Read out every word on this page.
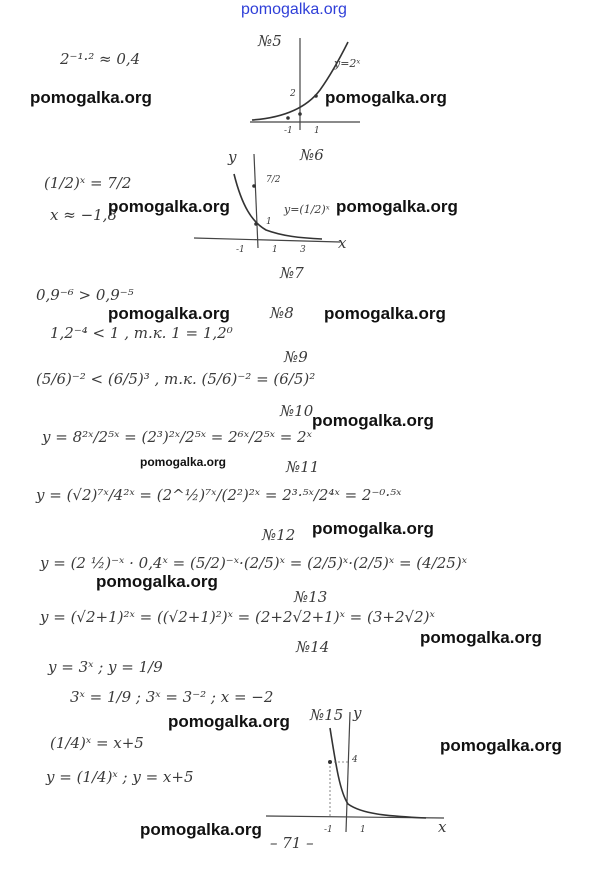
pomogalka.org
2⁻¹·² ≈ 0,4
№5
y=2ˣ
2
-1 1
№6
(1/2)ˣ = 7/2
x ≈ −1,8
y
x
y=(1/2)ˣ
7/2
1
-1	1 3
№7
0,9⁻⁶ > 0,9⁻⁵
№8
1,2⁻⁴ < 1 , т.к. 1 = 1,2⁰
№9
(5/6)⁻² < (6/5)³ , т.к. (5/6)⁻² = (6/5)²
№10
y = 8²ˣ/2⁵ˣ = (2³)²ˣ/2⁵ˣ = 2⁶ˣ/2⁵ˣ = 2ˣ
№11
y = (√2)⁷ˣ/4²ˣ = (2^½)⁷ˣ/(2²)²ˣ = 2³·⁵ˣ/2⁴ˣ = 2⁻⁰·⁵ˣ
№12
y = (2 ½)⁻ˣ · 0,4ˣ = (5/2)⁻ˣ·(2/5)ˣ = (2/5)ˣ·(2/5)ˣ = (4/25)ˣ
№13
y = (√2+1)²ˣ = ((√2+1)²)ˣ = (2+2√2+1)ˣ = (3+2√2)ˣ
№14
y = 3ˣ ; y = 1/9
3ˣ = 1/9 ; 3ˣ = 3⁻² ; x = −2
№15
(1/4)ˣ = x+5
y = (1/4)ˣ ; y = x+5
y
x
4
-1	1
– 71 –
pomogalka.org	pomogalka.org
pomogalka.org	pomogalka.org
pomogalka.org	pomogalka.org
pomogalka.org
pomogalka.org
pomogalka.org
pomogalka.org
pomogalka.org
pomogalka.org
pomogalka.org
pomogalka.org
